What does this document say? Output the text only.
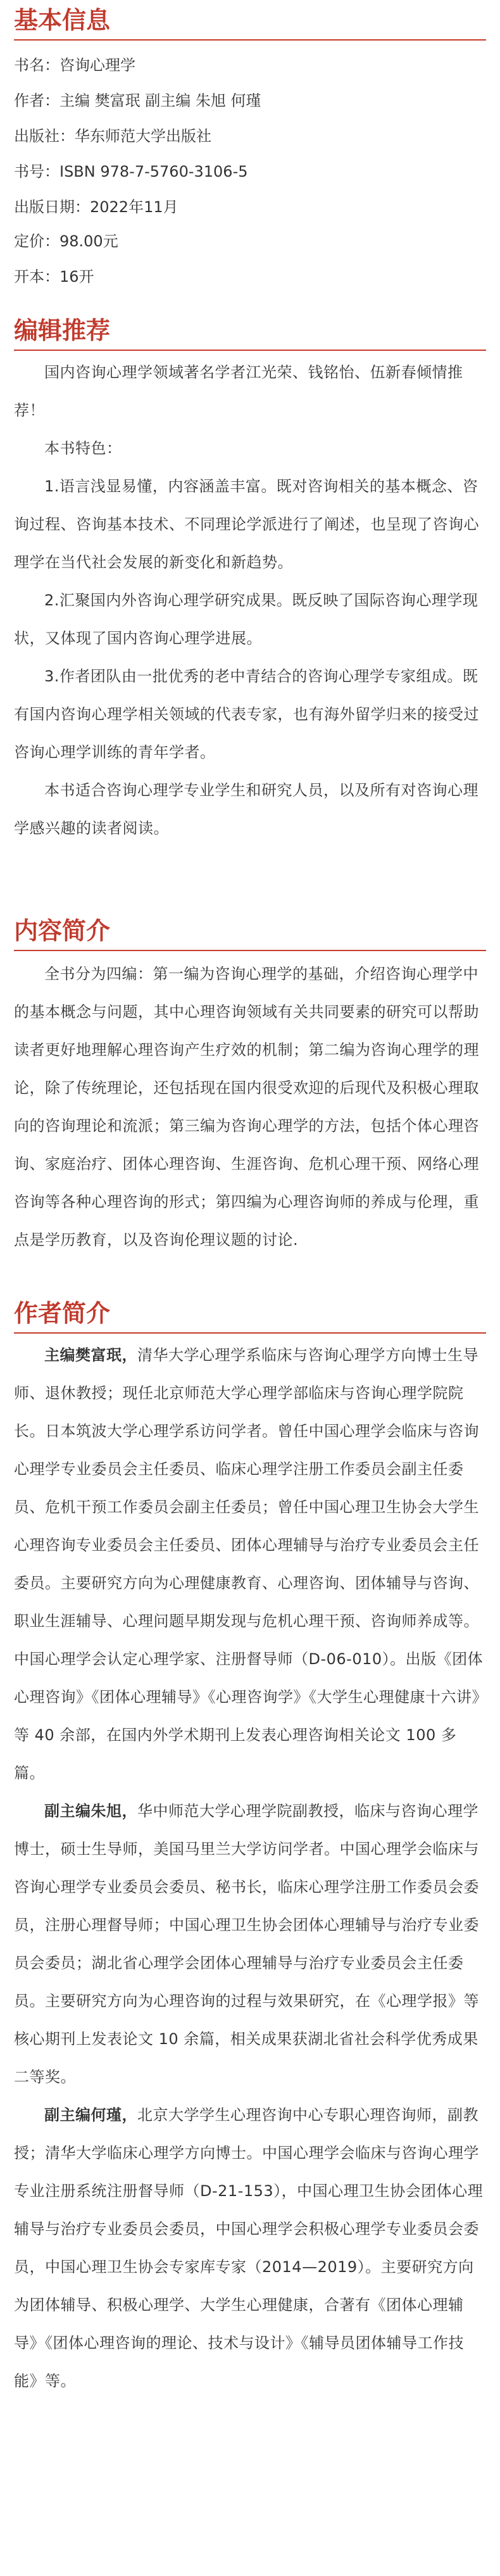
基本信息
书名：咨询心理学
作者：主编 樊富珉 副主编 朱旭 何瑾
出版社：华东师范大学出版社
书号：ISBN 978-7-5760-3106-5
出版日期：2022年11月
定价：98.00元
开本：16开
编辑推荐

国内咨询心理学领域著名学者江光荣、钱铭怡、伍新春倾情推荐！

本书特色：

1.语言浅显易懂，内容涵盖丰富。既对咨询相关的基本概念、咨询过程、咨询基本技术、不同理论学派进行了阐述，也呈现了咨询心理学在当代社会发展的新变化和新趋势。

2.汇聚国内外咨询心理学研究成果。既反映了国际咨询心理学现状，又体现了国内咨询心理学进展。

3.作者团队由一批优秀的老中青结合的咨询心理学专家组成。既有国内咨询心理学相关领域的代表专家，也有海外留学归来的接受过咨询心理学训练的青年学者。

本书适合咨询心理学专业学生和研究人员，以及所有对咨询心理学感兴趣的读者阅读。

内容简介

全书分为四编：第一编为咨询心理学的基础，介绍咨询心理学中的基本概念与问题，其中心理咨询领域有关共同要素的研究可以帮助读者更好地理解心理咨询产生疗效的机制；第二编为咨询心理学的理论，除了传统理论，还包括现在国内很受欢迎的后现代及积极心理取向的咨询理论和流派；第三编为咨询心理学的方法，包括个体心理咨询、家庭治疗、团体心理咨询、生涯咨询、危机心理干预、网络心理咨询等各种心理咨询的形式；第四编为心理咨询师的养成与伦理，重点是学历教育，以及咨询伦理议题的讨论.

作者简介

主编樊富珉，清华大学心理学系临床与咨询心理学方向博士生导师、退休教授；现任北京师范大学心理学部临床与咨询心理学院院长。日本筑波大学心理学系访问学者。曾任中国心理学会临床与咨询心理学专业委员会主任委员、临床心理学注册工作委员会副主任委员、危机干预工作委员会副主任委员；曾任中国心理卫生协会大学生心理咨询专业委员会主任委员、团体心理辅导与治疗专业委员会主任委员。主要研究方向为心理健康教育、心理咨询、团体辅导与咨询、职业生涯辅导、心理问题早期发现与危机心理干预、咨询师养成等。中国心理学会认定心理学家、注册督导师（D-06-010）。出版《团体心理咨询》《团体心理辅导》《心理咨询学》《大学生心理健康十六讲》等 40 余部，在国内外学术期刊上发表心理咨询相关论文 100 多篇。

副主编朱旭，华中师范大学心理学院副教授，临床与咨询心理学博士，硕士生导师，美国马里兰大学访问学者。中国心理学会临床与咨询心理学专业委员会委员、秘书长，临床心理学注册工作委员会委员，注册心理督导师；中国心理卫生协会团体心理辅导与治疗专业委员会委员；湖北省心理学会团体心理辅导与治疗专业委员会主任委员。主要研究方向为心理咨询的过程与效果研究，在《心理学报》等核心期刊上发表论文 10 余篇，相关成果获湖北省社会科学优秀成果二等奖。

副主编何瑾，北京大学学生心理咨询中心专职心理咨询师，副教授；清华大学临床心理学方向博士。中国心理学会临床与咨询心理学专业注册系统注册督导师（D-21-153），中国心理卫生协会团体心理辅导与治疗专业委员会委员，中国心理学会积极心理学专业委员会委员，中国心理卫生协会专家库专家（2014—2019）。主要研究方向为团体辅导、积极心理学、大学生心理健康，合著有《团体心理辅导》《团体心理咨询的理论、技术与设计》《辅导员团体辅导工作技能》等。
